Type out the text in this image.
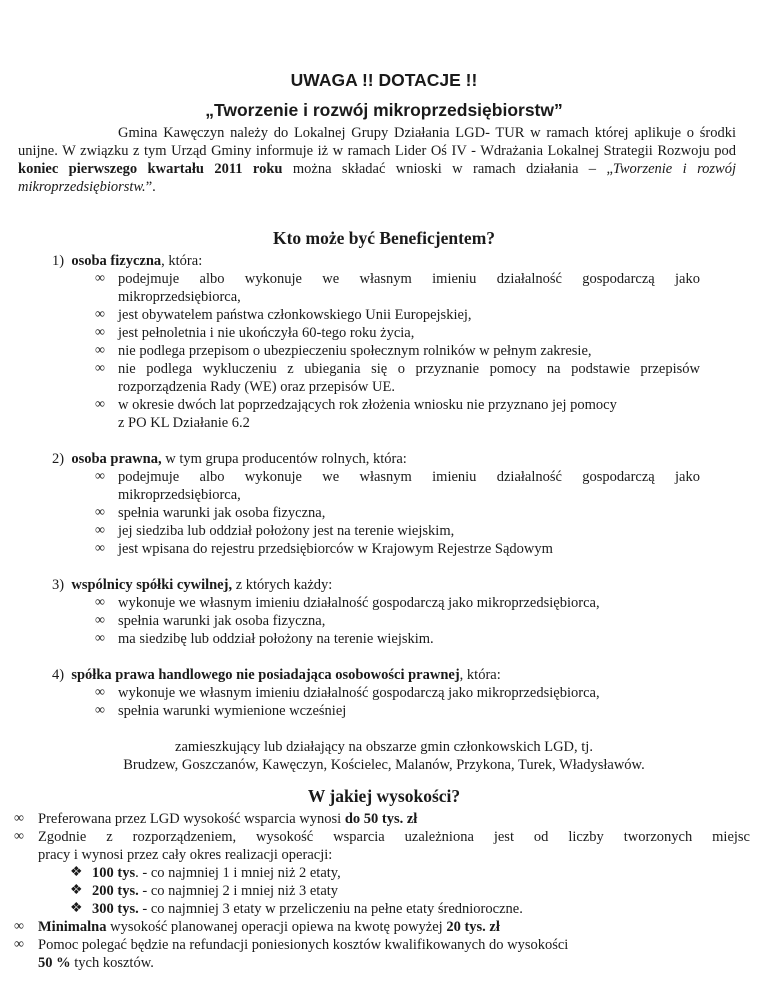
UWAGA !! DOTACJE !!
„Tworzenie i rozwój mikroprzedsiębiorstw”
Gmina Kawęczyn należy do Lokalnej Grupy Działania LGD- TUR w ramach której aplikuje o środki unijne. W związku z tym Urząd Gminy informuje iż w ramach Lider Oś IV - Wdrażania Lokalnej Strategii Rozwoju pod koniec pierwszego kwartału 2011 roku można składać wnioski w ramach działania – „Tworzenie i rozwój mikroprzedsiębiorstw.”.
Kto może być Beneficjentem?
1) osoba fizyczna, która:
∞ podejmuje albo wykonuje we własnym imieniu działalność gospodarczą jako
mikroprzedsiębiorca,
∞ jest obywatelem państwa członkowskiego Unii Europejskiej,
∞ jest pełnoletnia i nie ukończyła 60-tego roku życia,
∞ nie podlega przepisom o ubezpieczeniu społecznym rolników w pełnym zakresie,
∞ nie podlega wykluczeniu z ubiegania się o przyznanie pomocy na podstawie przepisów
rozporządzenia Rady (WE) oraz przepisów UE.
∞ w okresie dwóch lat poprzedzających rok złożenia wniosku nie przyznano jej pomocy
z PO KL Działanie 6.2
2) osoba prawna, w tym grupa producentów rolnych, która:
∞ podejmuje albo wykonuje we własnym imieniu działalność gospodarczą jako
mikroprzedsiębiorca,
∞ spełnia warunki jak osoba fizyczna,
∞ jej siedziba lub oddział położony jest na terenie wiejskim,
∞ jest wpisana do rejestru przedsiębiorców w Krajowym Rejestrze Sądowym
3) wspólnicy spółki cywilnej, z których każdy:
∞ wykonuje we własnym imieniu działalność gospodarczą jako mikroprzedsiębiorca,
∞ spełnia warunki jak osoba fizyczna,
∞ ma siedzibę lub oddział położony na terenie wiejskim.
4) spółka prawa handlowego nie posiadająca osobowości prawnej, która:
∞ wykonuje we własnym imieniu działalność gospodarczą jako mikroprzedsiębiorca,
∞ spełnia warunki wymienione wcześniej
zamieszkujący lub działający na obszarze gmin członkowskich LGD, tj.
Brudzew, Goszczanów, Kawęczyn, Kościelec, Malanów, Przykona, Turek, Władysławów.
W jakiej wysokości?
∞ Preferowana przez LGD wysokość wsparcia wynosi do 50 tys. zł
∞ Zgodnie z rozporządzeniem, wysokość wsparcia uzależniona jest od liczby tworzonych miejsc
pracy i wynosi przez cały okres realizacji operacji:
❖ 100 tys. - co najmniej 1 i mniej niż 2 etaty,
❖ 200 tys. - co najmniej 2 i mniej niż 3 etaty
❖ 300 tys. - co najmniej 3 etaty w przeliczeniu na pełne etaty średnioroczne.
∞ Minimalna wysokość planowanej operacji opiewa na kwotę powyżej 20 tys. zł
∞ Pomoc polegać będzie na refundacji poniesionych kosztów kwalifikowanych do wysokości
50 % tych kosztów.
